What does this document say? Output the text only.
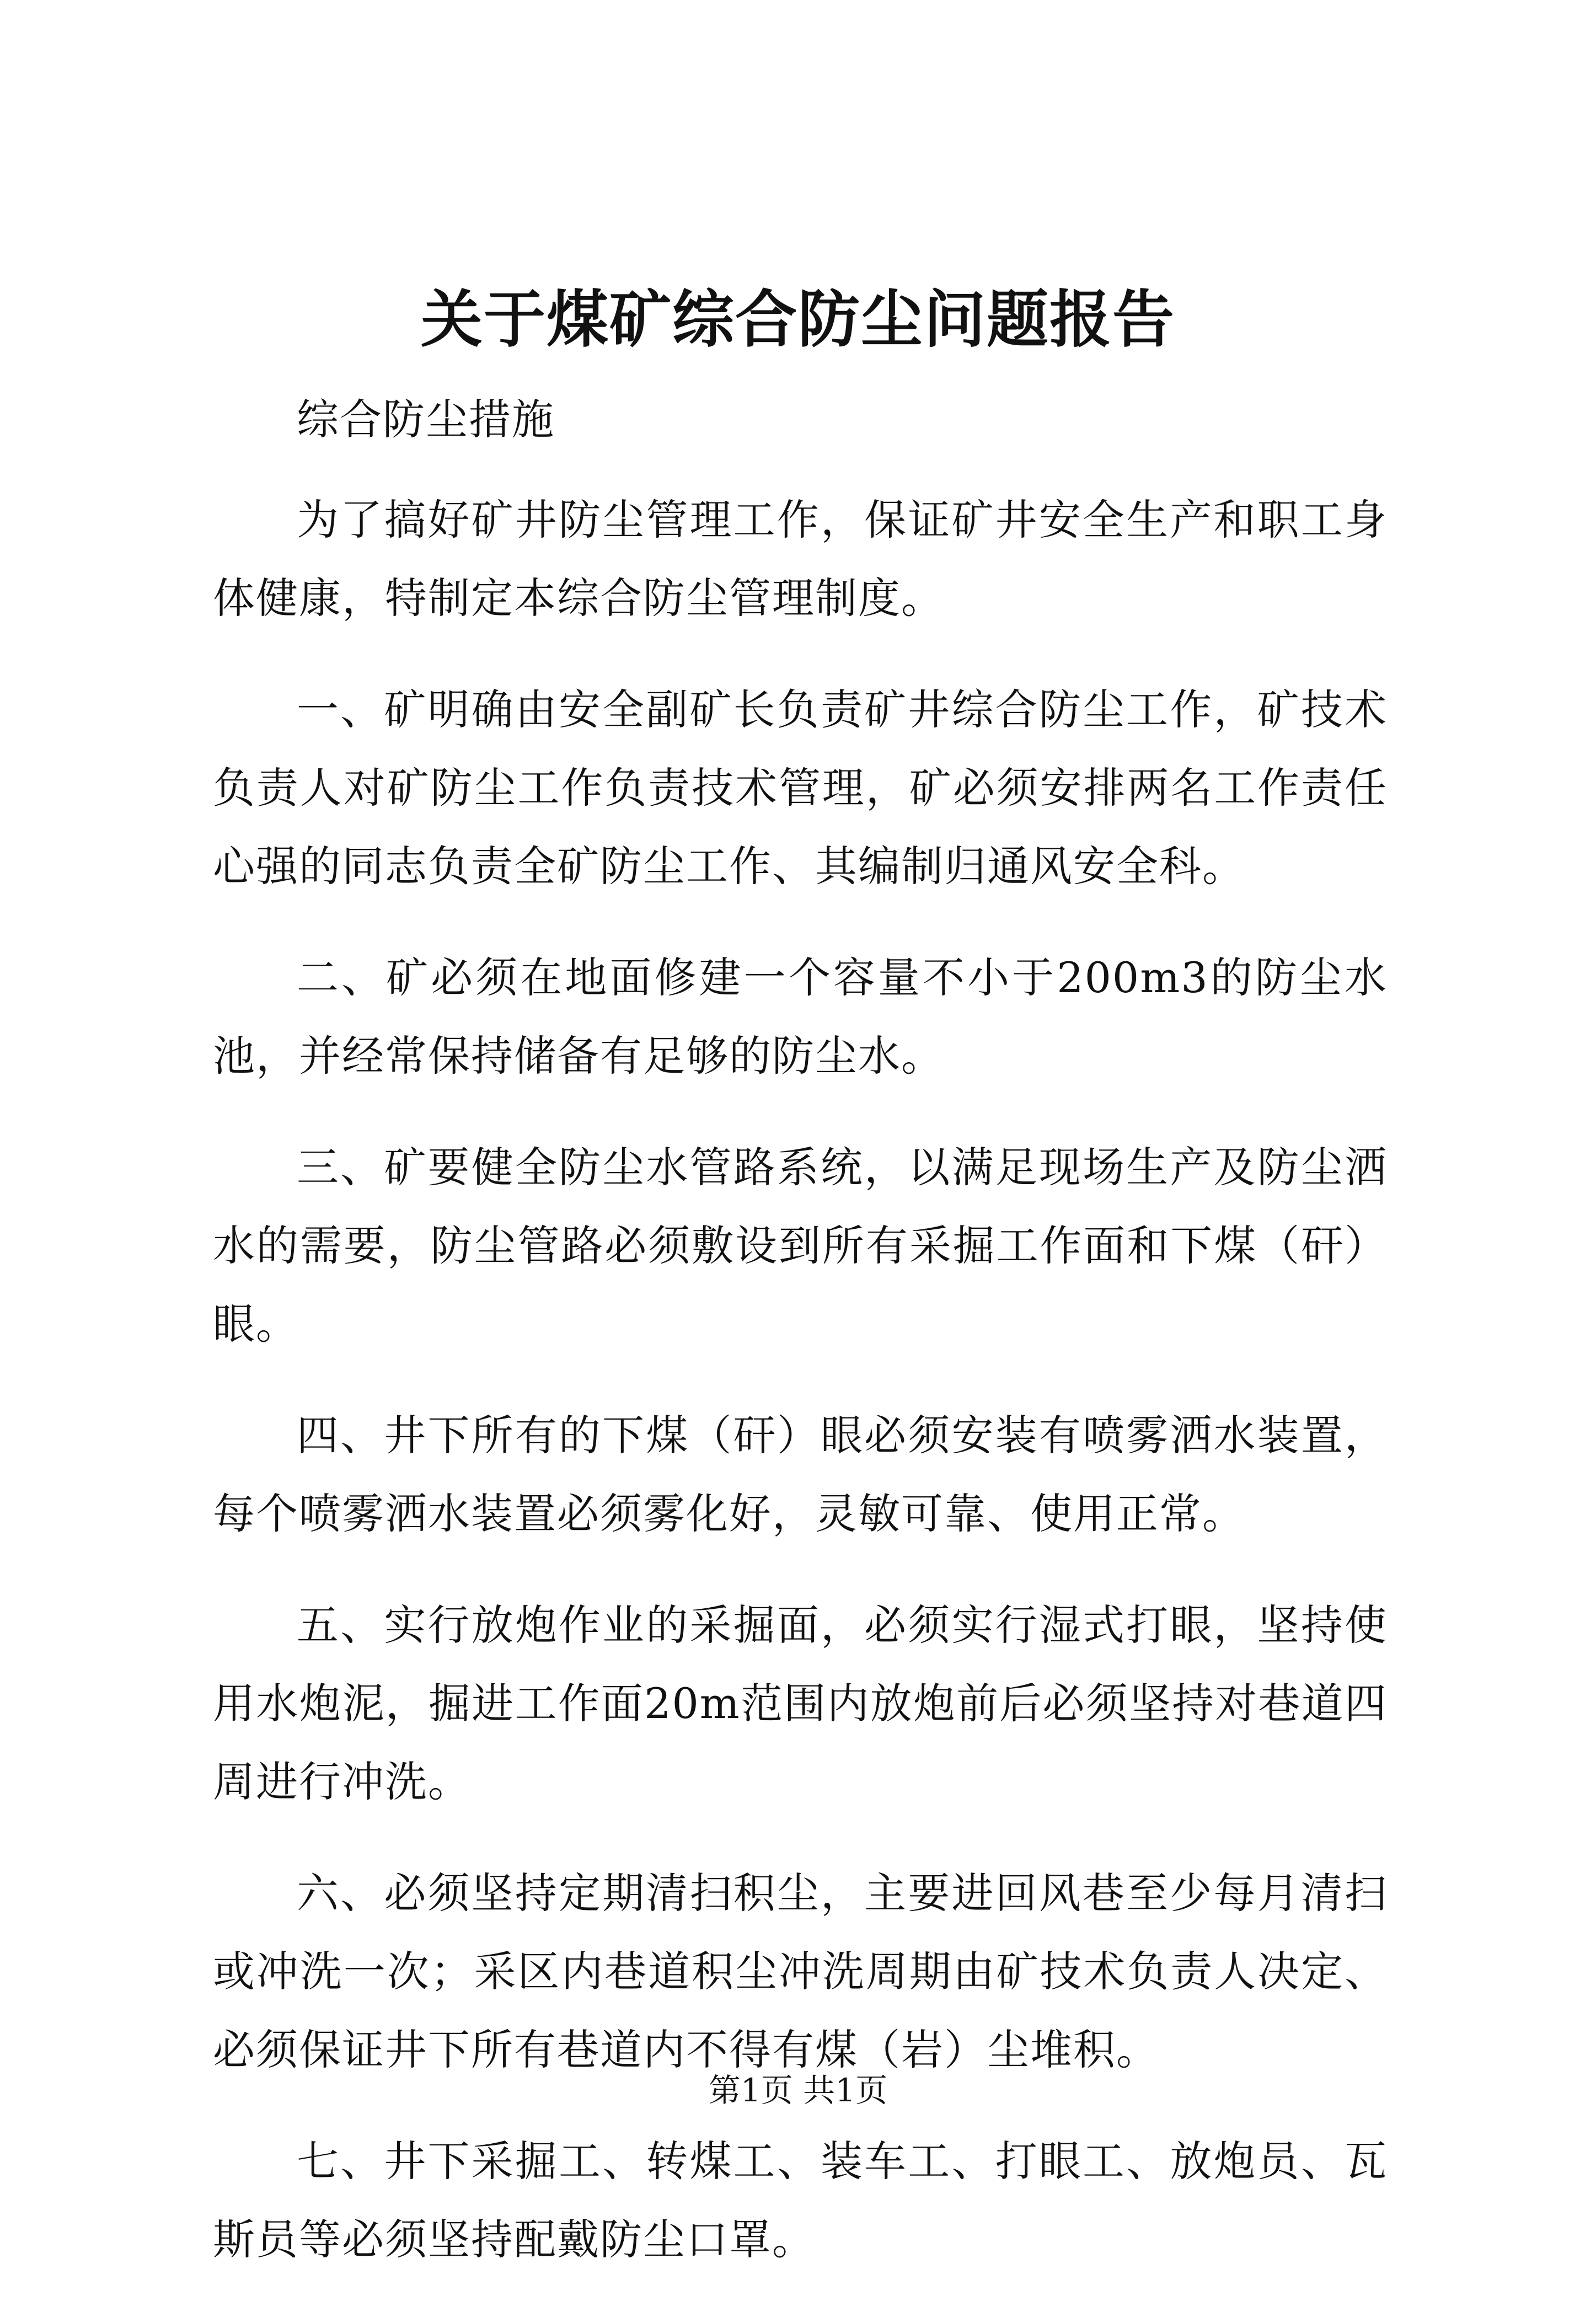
关于煤矿综合防尘问题报告

综合防尘措施

为了搞好矿井防尘管理工作，保证矿井安全生产和职工身体健康，特制定本综合防尘管理制度。

一、矿明确由安全副矿长负责矿井综合防尘工作，矿技术负责人对矿防尘工作负责技术管理，矿必须安排两名工作责任心强的同志负责全矿防尘工作、其编制归通风安全科。

二、矿必须在地面修建一个容量不小于200m3的防尘水池，并经常保持储备有足够的防尘水。

三、矿要健全防尘水管路系统，以满足现场生产及防尘洒水的需要，防尘管路必须敷设到所有采掘工作面和下煤（矸）眼。

四、井下所有的下煤（矸）眼必须安装有喷雾洒水装置，每个喷雾洒水装置必须雾化好，灵敏可靠、使用正常。

五、实行放炮作业的采掘面，必须实行湿式打眼，坚持使用水炮泥，掘进工作面20m范围内放炮前后必须坚持对巷道四周进行冲洗。

六、必须坚持定期清扫积尘，主要进回风巷至少每月清扫或冲洗一次；采区内巷道积尘冲洗周期由矿技术负责人决定、必须保证井下所有巷道内不得有煤（岩）尘堆积。

七、井下采掘工、转煤工、装车工、打眼工、放炮员、瓦斯员等必须坚持配戴防尘口罩。

第1页 共1页
